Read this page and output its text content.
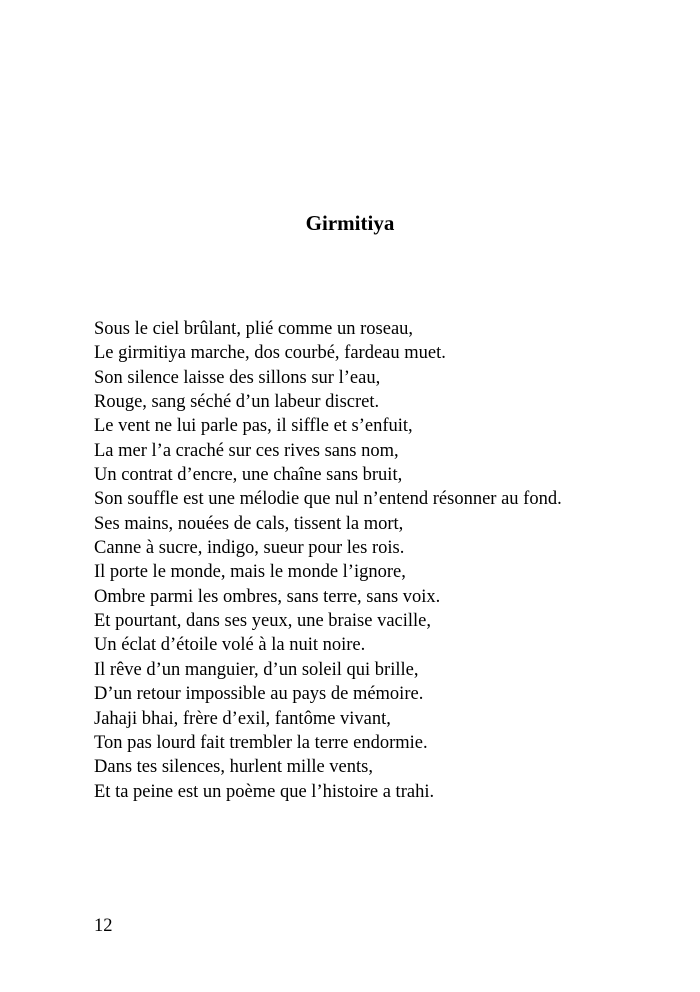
Girmitiya
Sous le ciel brûlant, plié comme un roseau,
Le girmitiya marche, dos courbé, fardeau muet.
Son silence laisse des sillons sur l’eau,
Rouge, sang séché d’un labeur discret.
Le vent ne lui parle pas, il siffle et s’enfuit,
La mer l’a craché sur ces rives sans nom,
Un contrat d’encre, une chaîne sans bruit,
Son souffle est une mélodie que nul n’entend résonner au fond.
Ses mains, nouées de cals, tissent la mort,
Canne à sucre, indigo, sueur pour les rois.
Il porte le monde, mais le monde l’ignore,
Ombre parmi les ombres, sans terre, sans voix.
Et pourtant, dans ses yeux, une braise vacille,
Un éclat d’étoile volé à la nuit noire.
Il rêve d’un manguier, d’un soleil qui brille,
D’un retour impossible au pays de mémoire.
Jahaji bhai, frère d’exil, fantôme vivant,
Ton pas lourd fait trembler la terre endormie.
Dans tes silences, hurlent mille vents,
Et ta peine est un poème que l’histoire a trahi.
12
